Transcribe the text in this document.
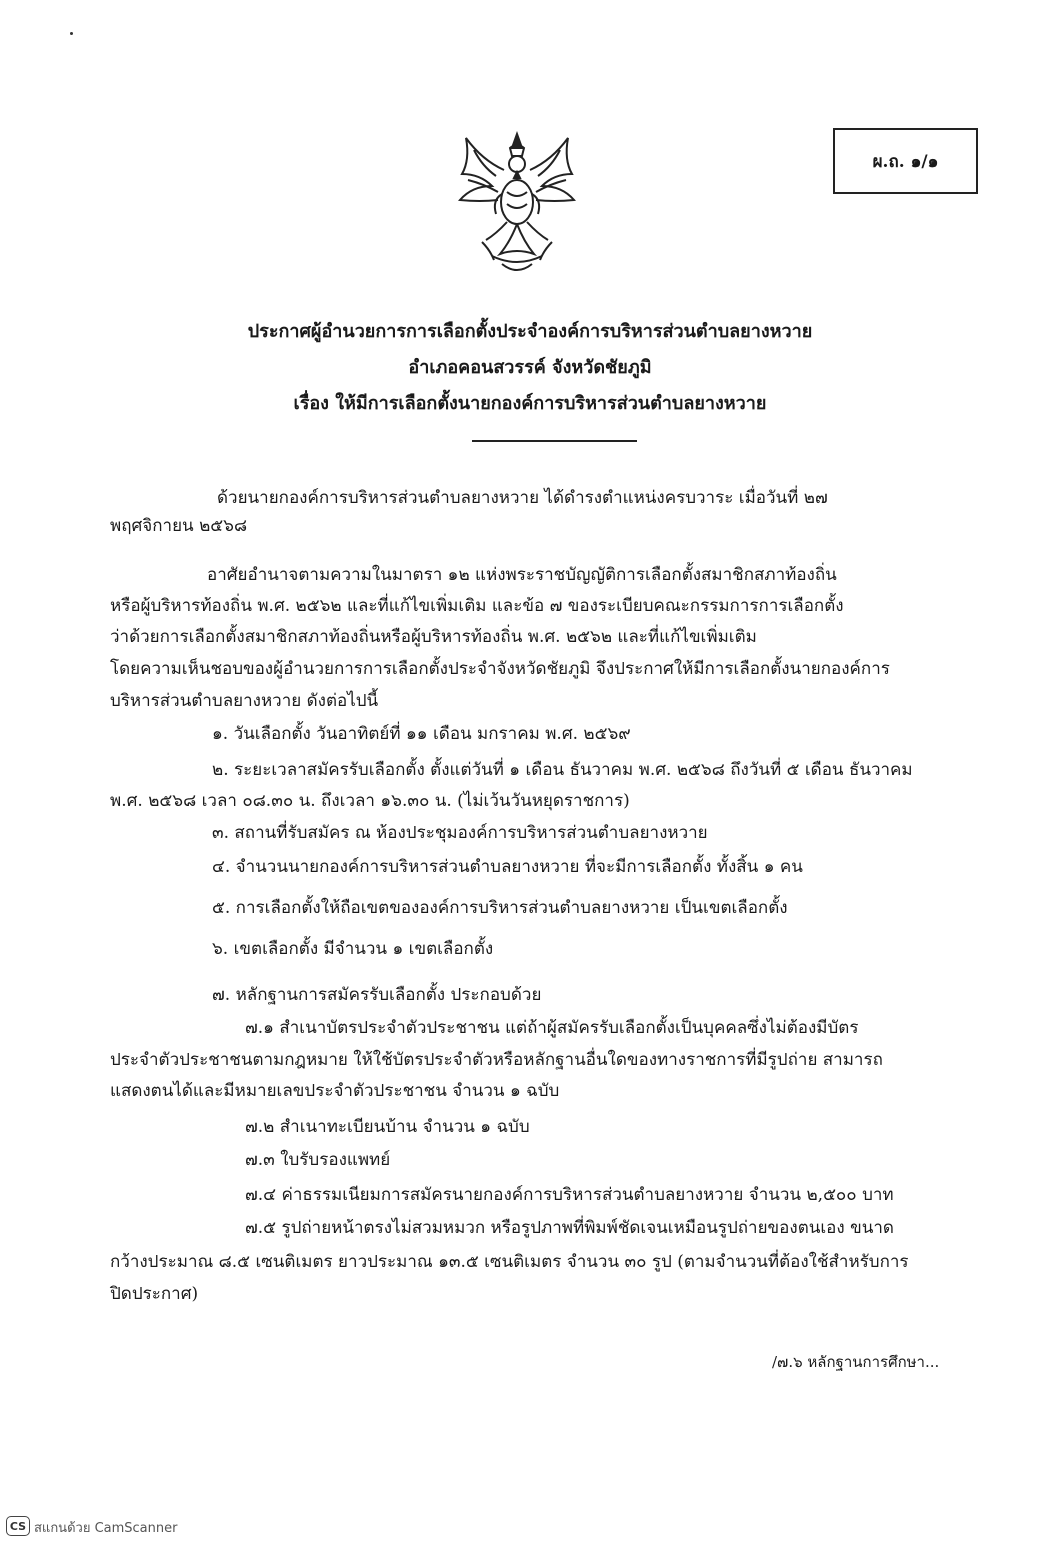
ผ.ถ. ๑/๑
ประกาศผู้อำนวยการการเลือกตั้งประจำองค์การบริหารส่วนตำบลยางหวาย
อำเภอคอนสวรรค์ จังหวัดชัยภูมิ
เรื่อง ให้มีการเลือกตั้งนายกองค์การบริหารส่วนตำบลยางหวาย
ด้วยนายกองค์การบริหารส่วนตำบลยางหวาย ได้ดำรงตำแหน่งครบวาระ เมื่อวันที่ ๒๗
พฤศจิกายน ๒๕๖๘
อาศัยอำนาจตามความในมาตรา ๑๒ แห่งพระราชบัญญัติการเลือกตั้งสมาชิกสภาท้องถิ่น
หรือผู้บริหารท้องถิ่น พ.ศ. ๒๕๖๒ และที่แก้ไขเพิ่มเติม และข้อ ๗ ของระเบียบคณะกรรมการการเลือกตั้ง
ว่าด้วยการเลือกตั้งสมาชิกสภาท้องถิ่นหรือผู้บริหารท้องถิ่น พ.ศ. ๒๕๖๒ และที่แก้ไขเพิ่มเติม
โดยความเห็นชอบของผู้อำนวยการการเลือกตั้งประจำจังหวัดชัยภูมิ จึงประกาศให้มีการเลือกตั้งนายกองค์การ
บริหารส่วนตำบลยางหวาย ดังต่อไปนี้
๑. วันเลือกตั้ง วันอาทิตย์ที่ ๑๑ เดือน มกราคม พ.ศ. ๒๕๖๙
๒. ระยะเวลาสมัครรับเลือกตั้ง ตั้งแต่วันที่ ๑ เดือน ธันวาคม พ.ศ. ๒๕๖๘ ถึงวันที่ ๕ เดือน ธันวาคม
พ.ศ. ๒๕๖๘ เวลา ๐๘.๓๐ น. ถึงเวลา ๑๖.๓๐ น. (ไม่เว้นวันหยุดราชการ)
๓. สถานที่รับสมัคร ณ ห้องประชุมองค์การบริหารส่วนตำบลยางหวาย
๔. จำนวนนายกองค์การบริหารส่วนตำบลยางหวาย ที่จะมีการเลือกตั้ง ทั้งสิ้น ๑ คน
๕. การเลือกตั้งให้ถือเขตขององค์การบริหารส่วนตำบลยางหวาย เป็นเขตเลือกตั้ง
๖. เขตเลือกตั้ง มีจำนวน ๑ เขตเลือกตั้ง
๗. หลักฐานการสมัครรับเลือกตั้ง ประกอบด้วย
๗.๑ สำเนาบัตรประจำตัวประชาชน แต่ถ้าผู้สมัครรับเลือกตั้งเป็นบุคคลซึ่งไม่ต้องมีบัตร
ประจำตัวประชาชนตามกฎหมาย ให้ใช้บัตรประจำตัวหรือหลักฐานอื่นใดของทางราชการที่มีรูปถ่าย สามารถ
แสดงตนได้และมีหมายเลขประจำตัวประชาชน จำนวน ๑ ฉบับ
๗.๒ สำเนาทะเบียนบ้าน จำนวน ๑ ฉบับ
๗.๓ ใบรับรองแพทย์
๗.๔ ค่าธรรมเนียมการสมัครนายกองค์การบริหารส่วนตำบลยางหวาย จำนวน ๒,๕๐๐ บาท
๗.๕ รูปถ่ายหน้าตรงไม่สวมหมวก หรือรูปภาพที่พิมพ์ชัดเจนเหมือนรูปถ่ายของตนเอง ขนาด
กว้างประมาณ ๘.๕ เซนติเมตร ยาวประมาณ ๑๓.๕ เซนติเมตร จำนวน ๓๐ รูป (ตามจำนวนที่ต้องใช้สำหรับการ
ปิดประกาศ)
/๗.๖ หลักฐานการศึกษา...
CS สแกนด้วย CamScanner
